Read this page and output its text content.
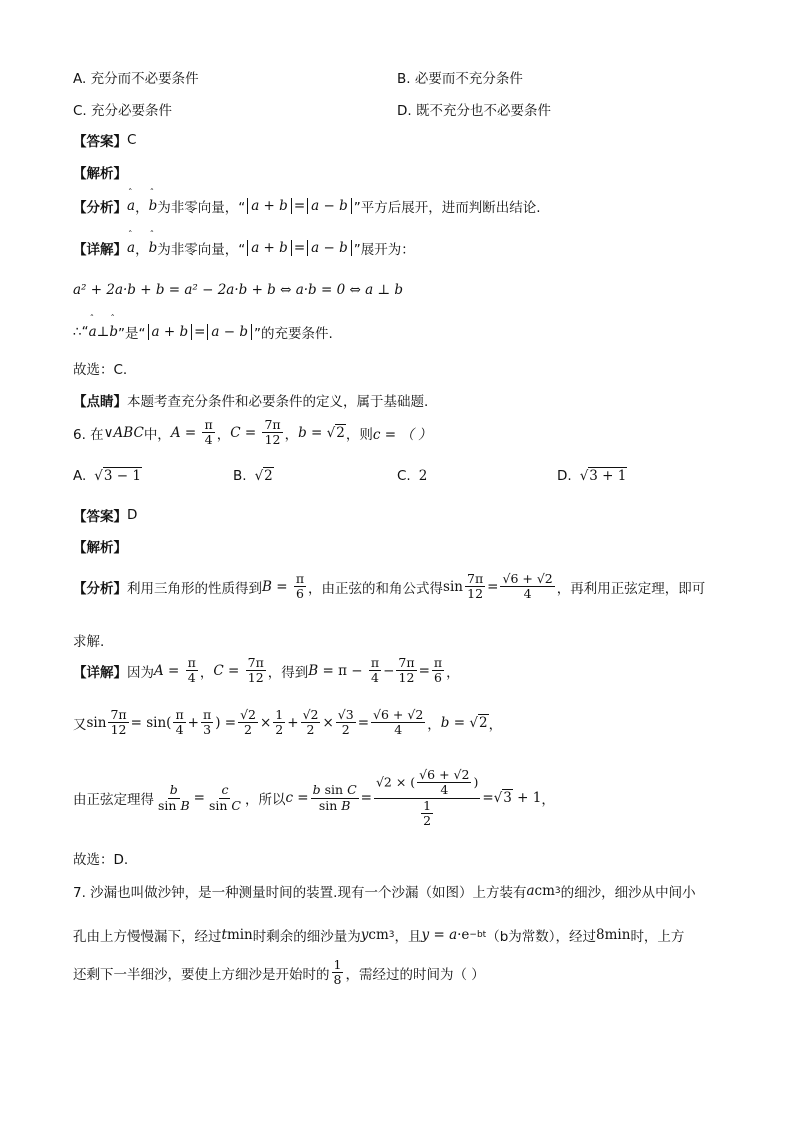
A. 充分而不必要条件	B. 必要而不充分条件
C. 充分必要条件	D. 既不充分也不必要条件
【答案】 C
【解析】
【分析】 ˆ a ， ˆ b 为非零向量，“ a + b = a − b ”平方后展开，进而判断出结论.
【详解】 ˆ a ， ˆ b 为非零向量，“ a + b = a − b ”展开为：
a² + 2a·b + b = a² − 2a·b + b ⇔ a·b = 0 ⇔ a ⊥ b
∴“ ˆ a ⊥ ˆ b ”是“ a + b = a − b ”的充要条件.
故选：C.
【点睛】 本题考查充分条件和必要条件的定义，属于基础题.
6. 在 ∨ABC 中， $A = \frac{\pi}{4}$ ， $C = \frac{7\pi}{12}$ ， b = √2 ，则 c = （ ）
A. √3 − 1	B. √2	C. 2	D. √3 + 1
【答案】 D
【解析】
【分析】 利用三角形的性质得到 $B = \frac{\pi}{6}$ ，由正弦的和角公式得 $\sin \frac{7\pi}{12} = \frac{√6 + √2}{4}$ ，再利用正弦定理，即可
求解.
【详解】 因为 $A = \frac{\pi}{4}$ ， $C = \frac{7\pi}{12}$ ，得到 $B = \pi - \frac{\pi}{4} - \frac{7\pi}{12} = \frac{\pi}{6}$ ，
又 $\sin \frac{7\pi}{12} = \sin( \frac{\pi}{4} + \frac{\pi}{3}$ ) = $\frac{√2}{2} \times \frac{1}{2} + \frac{√2}{2} \times \frac{√3}{2} = \frac{√6 + √2}{4}$ ， b = √2 ，
由正弦定理得 $\frac{b}{\text{sin B}} = \frac{c}{\text{sin C}}$ ，所以 $c = \frac{\text{b sin C}}{\text{sin B}} = \frac{√2 \times ( \frac{√6 + √2}{4} )}{\frac{1}{2}} = √3 + 1$ ，
故选：D.
7. 沙漏也叫做沙钟，是一种测量时间的装置.现有一个沙漏（如图）上方装有 a cm 3 的细沙，细沙从中间小
孔由上方慢慢漏下，经过 t min 时剩余的细沙量为 y cm 3 ，且 y = a ·e −bt （b为常数），经过 8min 时，上方
还剩下一半细沙，要使上方细沙是开始时的 $\frac{1}{8}$ ，需经过的时间为（ ）
